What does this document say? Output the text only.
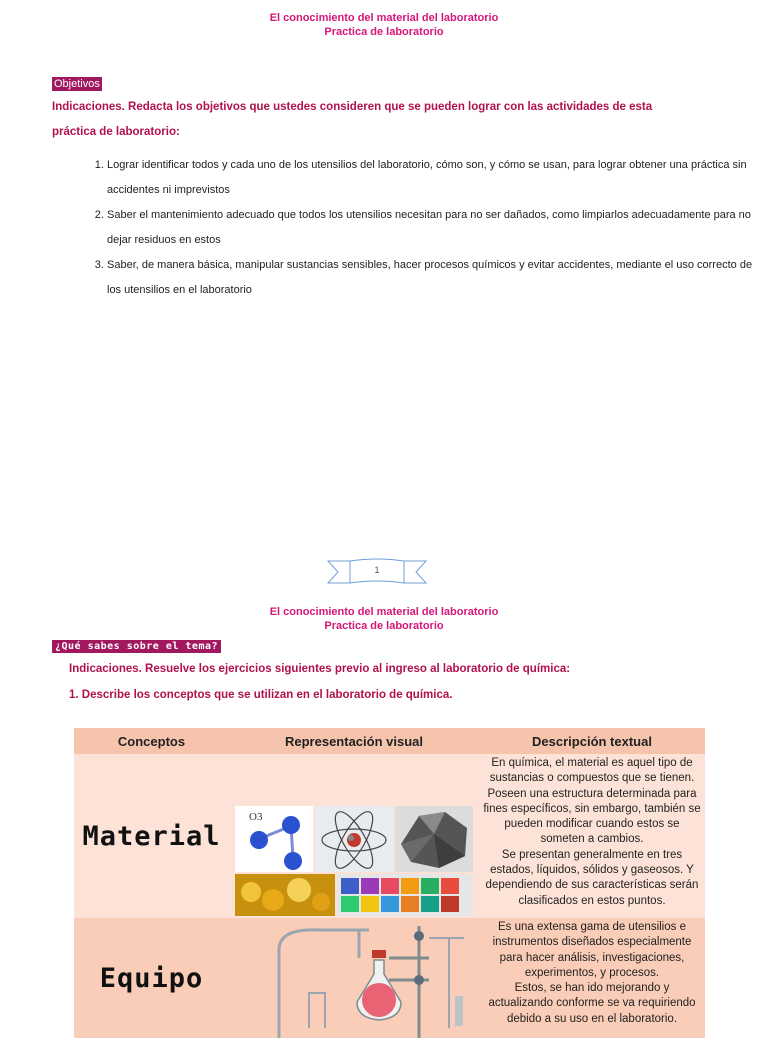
El conocimiento del material del laboratorio
Practica de laboratorio
Objetivos
Indicaciones. Redacta los objetivos que ustedes consideren que se pueden lograr con las actividades de esta práctica de laboratorio:
1. Lograr identificar todos y cada uno de los utensilios del laboratorio, cómo son, y cómo se usan, para lograr obtener una práctica sin accidentes ni imprevistos
2. Saber el mantenimiento adecuado que todos los utensilios necesitan para no ser dañados, como limpiarlos adecuadamente para no dejar residuos en estos
3. Saber, de manera básica, manipular sustancias sensibles, hacer procesos químicos y evitar accidentes, mediante el uso correcto de los utensilios en el laboratorio
1
El conocimiento del material del laboratorio
Practica de laboratorio
¿Qué sabes sobre el tema?
Indicaciones. Resuelve los ejercicios siguientes previo al ingreso al laboratorio de química:
1. Describe los conceptos que se utilizan en el laboratorio de química.
Conceptos	Representación visual	Descripción textual
Material
O3
En química, el material es aquel tipo de sustancias o compuestos que se tienen. Poseen una estructura determinada para fines específicos, sin embargo, también se pueden modificar cuando estos se someten a cambios.
Se presentan generalmente en tres estados, líquidos, sólidos y gaseosos. Y dependiendo de sus características serán clasificados en estos puntos.
Equipo
Es una extensa gama de utensilios e instrumentos diseñados especialmente para hacer análisis, investigaciones, experimentos, y procesos.
Estos, se han ido mejorando y actualizando conforme se va requiriendo debido a su uso en el laboratorio.
